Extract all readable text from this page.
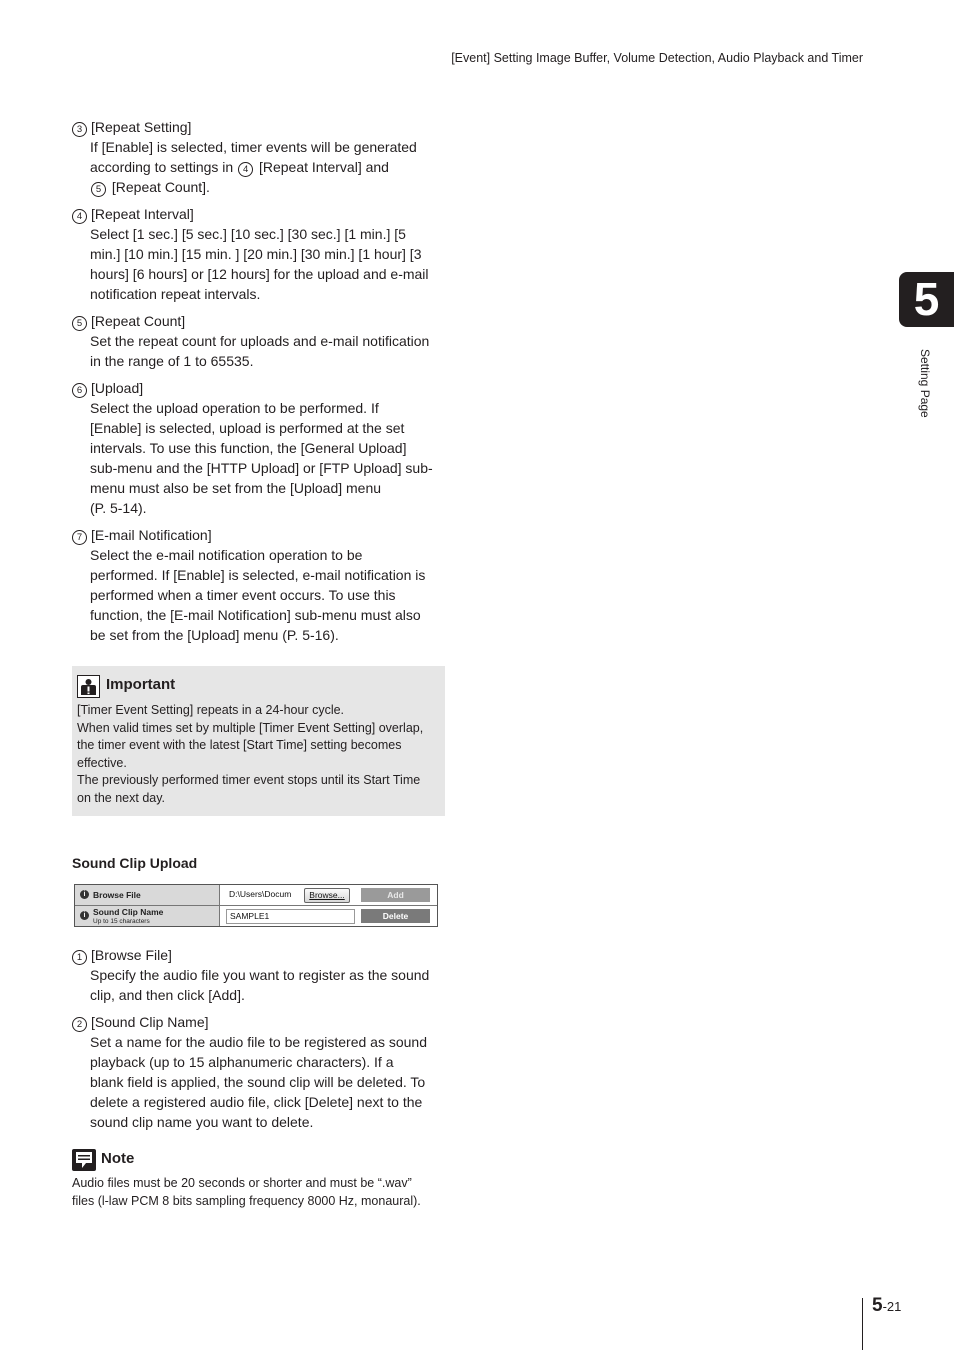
[Event] Setting Image Buffer, Volume Detection, Audio Playback and Timer
5
Setting Page
3 [Repeat Setting]
If [Enable] is selected, timer events will be generated
according to settings in 4 [Repeat Interval] and
5 [Repeat Count].
4 [Repeat Interval]
Select [1 sec.] [5 sec.] [10 sec.] [30 sec.] [1 min.] [5
min.] [10 min.] [15 min. ] [20 min.] [30 min.] [1 hour] [3
hours] [6 hours] or [12 hours] for the upload and e-mail
notification repeat intervals.
5 [Repeat Count]
Set the repeat count for uploads and e-mail notification
in the range of 1 to 65535.
6 [Upload]
Select the upload operation to be performed. If
[Enable] is selected, upload is performed at the set
intervals. To use this function, the [General Upload]
sub-menu and the [HTTP Upload] or [FTP Upload] sub-
menu must also be set from the [Upload] menu
(P. 5-14).
7 [E-mail Notification]
Select the e-mail notification operation to be
performed. If [Enable] is selected, e-mail notification is
performed when a timer event occurs. To use this
function, the [E-mail Notification] sub-menu must also
be set from the [Upload] menu (P. 5-16).
Important
[Timer Event Setting] repeats in a 24-hour cycle.
When valid times set by multiple [Timer Event Setting] overlap,
the timer event with the latest [Start Time] setting becomes
effective.
The previously performed timer event stops until its Start Time
on the next day.
Sound Clip Upload
i Browse File	D:\Users\Docum	Browse...	Add
i Sound Clip Name
Up to 15 characters
SAMPLE1	Delete
1 [Browse File]
Specify the audio file you want to register as the sound
clip, and then click [Add].
2 [Sound Clip Name]
Set a name for the audio file to be registered as sound
playback (up to 15 alphanumeric characters). If a
blank field is applied, the sound clip will be deleted. To
delete a registered audio file, click [Delete] next to the
sound clip name you want to delete.
Note
Audio files must be 20 seconds or shorter and must be “.wav”
files (l-law PCM 8 bits sampling frequency 8000 Hz, monaural).
5-21
